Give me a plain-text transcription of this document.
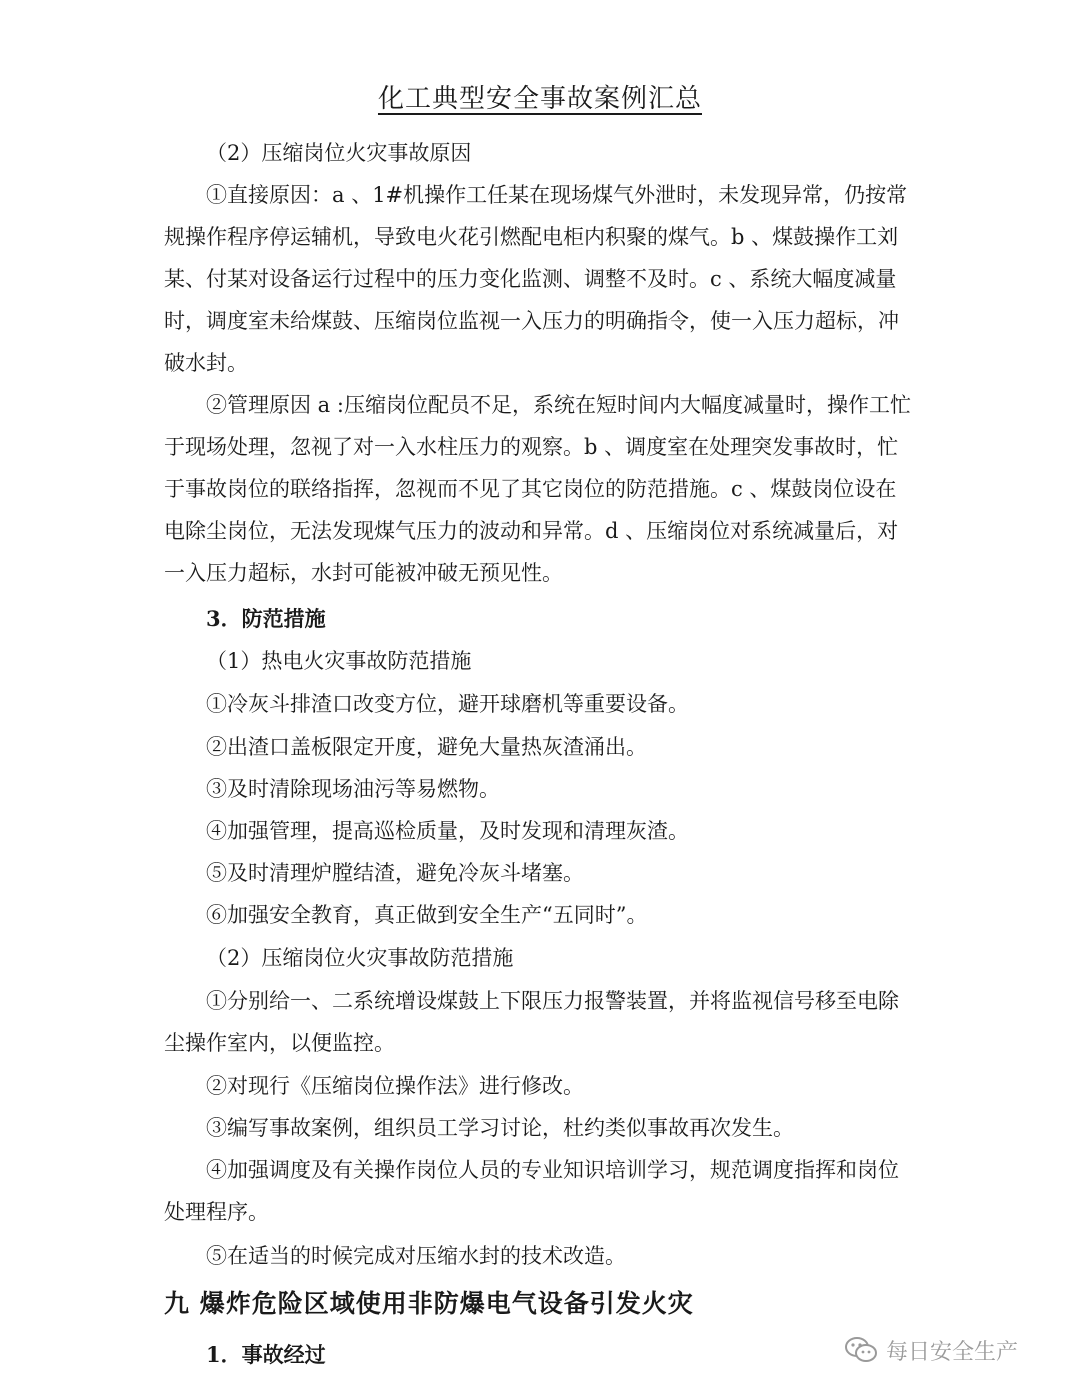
化工典型安全事故案例汇总

（2）压缩岗位火灾事故原因

①直接原因：a 、1#机操作工任某在现场煤气外泄时，未发现异常，仍按常规操作程序停运辅机，导致电火花引燃配电柜内积聚的煤气。b 、煤鼓操作工刘某、付某对设备运行过程中的压力变化监测、调整不及时。c 、系统大幅度减量时，调度室未给煤鼓、压缩岗位监视一入压力的明确指令，使一入压力超标，冲破水封。

②管理原因 a :压缩岗位配员不足，系统在短时间内大幅度减量时，操作工忙于现场处理，忽视了对一入水柱压力的观察。b 、调度室在处理突发事故时，忙于事故岗位的联络指挥，忽视而不见了其它岗位的防范措施。c 、煤鼓岗位设在电除尘岗位，无法发现煤气压力的波动和异常。d 、压缩岗位对系统减量后，对一入压力超标，水封可能被冲破无预见性。

3．防范措施

（1）热电火灾事故防范措施

①冷灰斗排渣口改变方位，避开球磨机等重要设备。

②出渣口盖板限定开度，避免大量热灰渣涌出。

③及时清除现场油污等易燃物。

④加强管理，提高巡检质量，及时发现和清理灰渣。

⑤及时清理炉膛结渣，避免冷灰斗堵塞。

⑥加强安全教育，真正做到安全生产“五同时”。

（2）压缩岗位火灾事故防范措施

①分别给一、二系统增设煤鼓上下限压力报警装置，并将监视信号移至电除尘操作室内，以便监控。

②对现行《压缩岗位操作法》进行修改。

③编写事故案例，组织员工学习讨论，杜约类似事故再次发生。

④加强调度及有关操作岗位人员的专业知识培训学习，规范调度指挥和岗位处理程序。

⑤在适当的时候完成对压缩水封的技术改造。

九 爆炸危险区域使用非防爆电气设备引发火灾

1．事故经过	每日安全生产
